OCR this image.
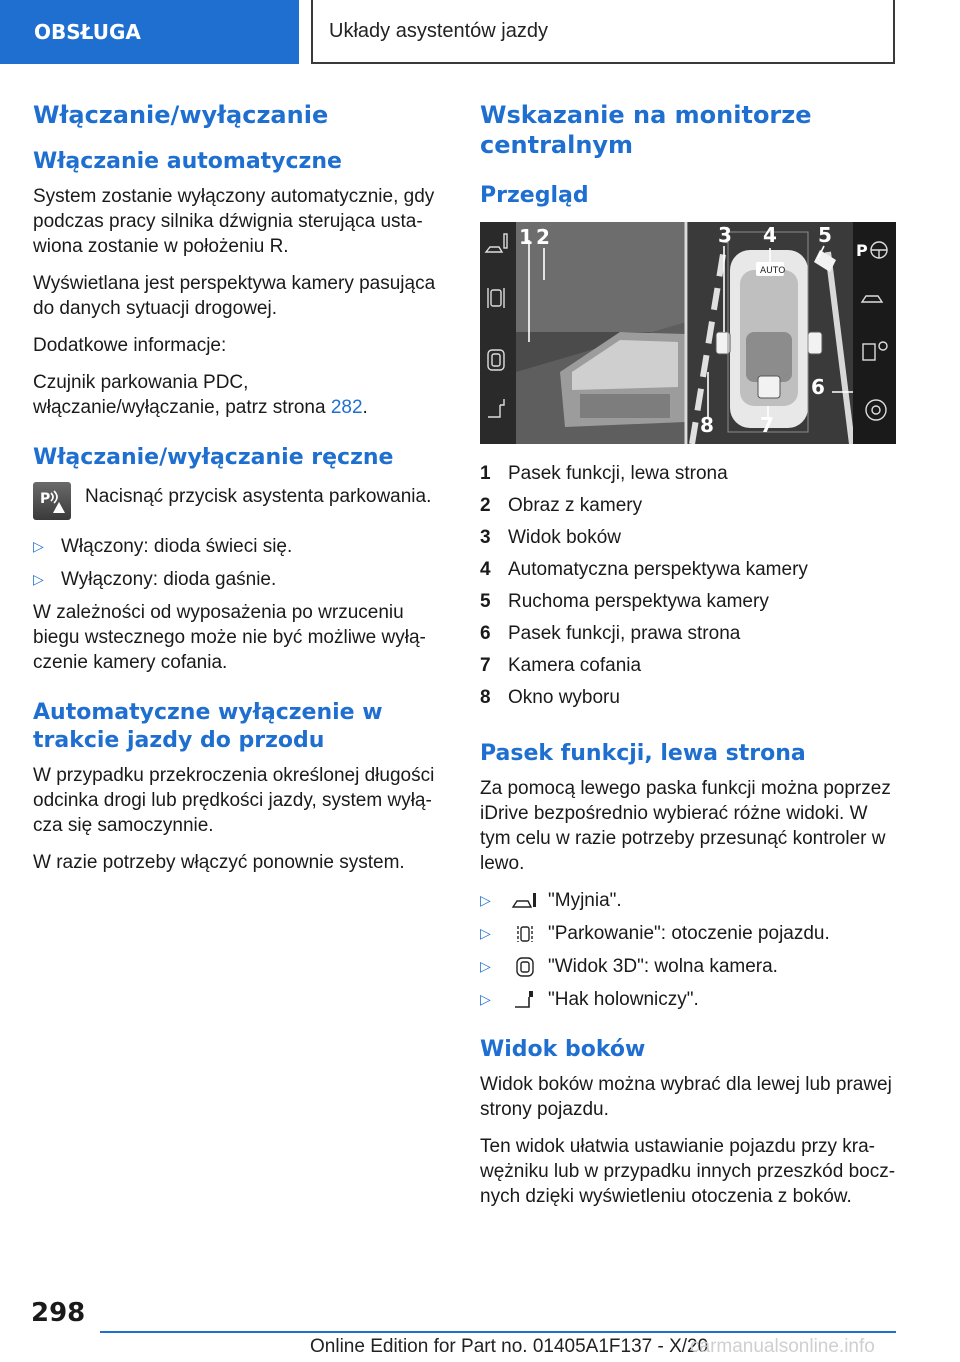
OBSŁUGA	Układy asystentów jazdy
Włączanie/wyłączanie
Włączanie automatyczne

System zostanie wyłączony automatycznie, gdy podczas pracy silnika dźwignia sterująca usta-wiona zostanie w położeniu R.

Wyświetlana jest perspektywa kamery pasująca do danych sytuacji drogowej.

Dodatkowe informacje:

Czujnik parkowania PDC, włączanie/wyłączanie, patrz strona 282.

Włączanie/wyłączanie ręczne
P Nacisnąć przycisk asystenta parkowania.

▷ Włączony: dioda świeci się.
▷ Wyłączony: dioda gaśnie.

W zależności od wyposażenia po wrzuceniu biegu wstecznego może nie być możliwe wyłą-czenie kamery cofania.

Automatyczne wyłączenie w trakcie jazdy do przodu

W przypadku przekroczenia określonej długości odcinka drogi lub prędkości jazdy, system wyłą-cza się samoczynnie.

W razie potrzeby włączyć ponownie system.

Wskazanie na monitorze centralnym
Przegląd
AUTO
P
1 2	3 4 5
6
7
8
1 Pasek funkcji, lewa strona
2 Obraz z kamery
3 Widok boków
4 Automatyczna perspektywa kamery
5 Ruchoma perspektywa kamery
6 Pasek funkcji, prawa strona
7 Kamera cofania
8 Okno wyboru
Pasek funkcji, lewa strona

Za pomocą lewego paska funkcji można poprzez iDrive bezpośrednio wybierać różne widoki. W tym celu w razie potrzeby przesunąć kontroler w lewo.

▷	"Myjnia".
▷	"Parkowanie": otoczenie pojazdu.
▷	"Widok 3D": wolna kamera.
▷	"Hak holowniczy".
Widok boków

Widok boków można wybrać dla lewej lub prawej strony pojazdu.

Ten widok ułatwia ustawianie pojazdu przy kra-wężniku lub w przypadku innych przeszkód bocz-nych dzięki wyświetleniu otoczenia z boków.

298
Online Edition for Part no. 01405A1F137 - X/20
carmanualsonline.info
